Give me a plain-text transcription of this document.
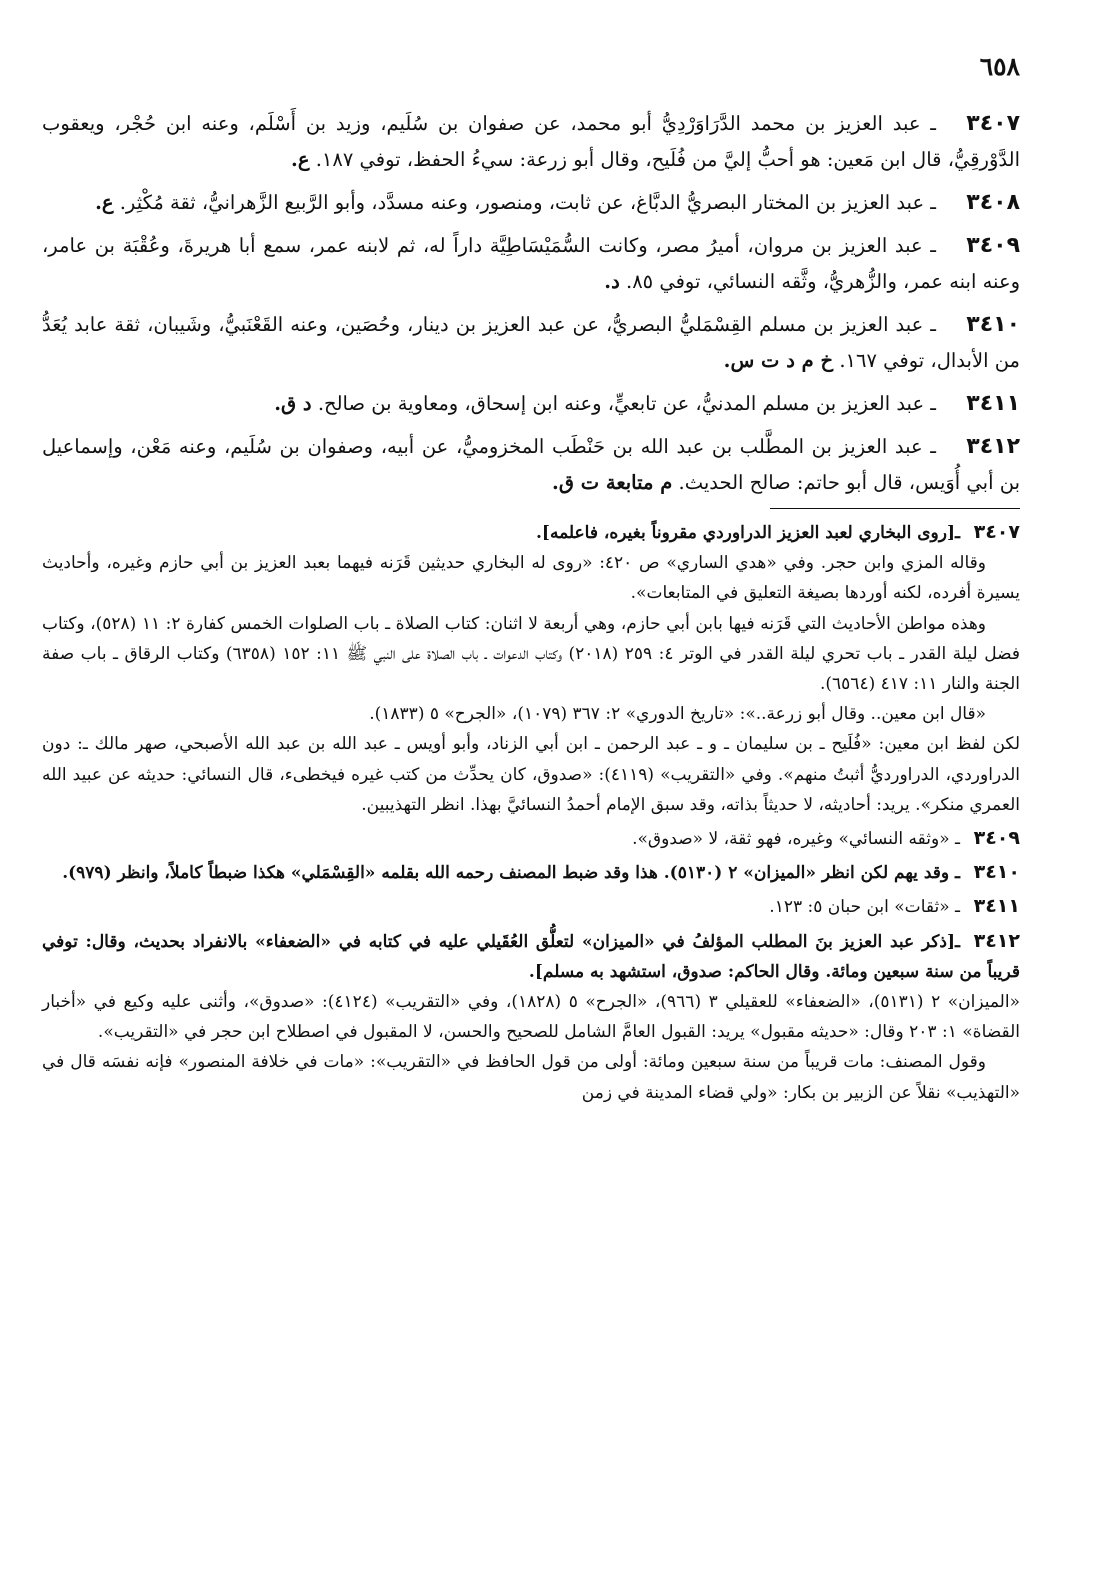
٦٥٨
٣٤٠٧ـ عبد العزيز بن محمد الدَّرَاوَرْدِيُّ أبو محمد، عن صفوان بن سُلَيم، وزيد بن أَسْلَم، وعنه ابن حُجْر، ويعقوب الدَّوْرقِيُّ، قال ابن مَعين: هو أحبُّ إليَّ من فُلَيح، وقال أبو زرعة: سيءُ الحفظ، توفي ١٨٧. ع.
٣٤٠٨ـ عبد العزيز بن المختار البصريُّ الدبَّاغ، عن ثابت، ومنصور، وعنه مسدَّد، وأبو الرَّبيع الزَّهرانيُّ، ثقة مُكْثِر. ع.
٣٤٠٩ـ عبد العزيز بن مروان، أميرُ مصر، وكانت السُّمَيْسَاطِيَّة داراً له، ثم لابنه عمر، سمع أبا هريرةَ، وعُقْبَة بن عامر، وعنه ابنه عمر، والزُّهريُّ، وثَّقه النسائي، توفي ٨٥. د.
٣٤١٠ـ عبد العزيز بن مسلم القِسْمَليُّ البصريُّ، عن عبد العزيز بن دينار، وحُصَين، وعنه القَعْنَبيُّ، وشَيبان، ثقة عابد يُعَدُّ من الأبدال، توفي ١٦٧. خ م د ت س.
٣٤١١ـ عبد العزيز بن مسلم المدنيُّ، عن تابعيٍّ، وعنه ابن إسحاق، ومعاوية بن صالح. د ق.
٣٤١٢ـ عبد العزيز بن المطَّلب بن عبد الله بن حَنْطَب المخزوميُّ، عن أبيه، وصفوان بن سُلَيم، وعنه مَعْن، وإسماعيل بن أبي أُوَيس، قال أبو حاتم: صالح الحديث. م متابعة ت ق.
٣٤٠٧ـ[روى البخاري لعبد العزيز الدراوردي مقروناً بغيره، فاعلمه].

وقاله المزي وابن حجر. وفي «هدي الساري» ص ٤٢٠: «روى له البخاري حديثين قَرَنه فيهما بعبد العزيز بن أبي حازم وغيره، وأحاديث يسيرة أفرده، لكنه أوردها بصيغة التعليق في المتابعات».

وهذه مواطن الأحاديث التي قَرَنه فيها بابن أبي حازم، وهي أربعة لا اثنان: كتاب الصلاة ـ باب الصلوات الخمس كفارة ٢: ١١ (٥٢٨)، وكتاب فضل ليلة القدر ـ باب تحري ليلة القدر في الوتر ٤: ٢٥٩ (٢٠١٨) وكتاب الدعوات ـ باب الصلاة على النبي ﷺ ١١: ١٥٢ (٦٣٥٨) وكتاب الرقاق ـ باب صفة الجنة والنار ١١: ٤١٧ (٦٥٦٤).

«قال ابن معين.. وقال أبو زرعة..»: «تاريخ الدوري» ٢: ٣٦٧ (١٠٧٩)، «الجرح» ٥ (١٨٣٣).

لكن لفظ ابن معين: «فُلَيح ـ بن سليمان ـ و ـ عبد الرحمن ـ ابن أبي الزناد، وأبو أويس ـ عبد الله بن عبد الله الأصبحي، صهر مالك ـ: دون الدراوردي، الدراورديُّ أثبتُ منهم». وفي «التقريب» (٤١١٩): «صدوق، كان يحدِّث من كتب غيره فيخطىء، قال النسائي: حديثه عن عبيد الله العمري منكر». يريد: أحاديثه، لا حديثاً بذاته، وقد سبق الإمام أحمدُ النسائيَّ بهذا. انظر التهذيبين.

٣٤٠٩ـ «وثقه النسائي» وغيره، فهو ثقة، لا «صدوق».
٣٤١٠ـ وقد يهم لكن انظر «الميزان» ٢ (٥١٣٠). هذا وقد ضبط المصنف رحمه الله بقلمه «القِسْمَلي» هكذا ضبطاً كاملاً، وانظر (٩٧٩).
٣٤١١ـ «ثقات» ابن حبان ٥: ١٢٣.
٣٤١٢ـ[ذكر عبد العزيز بنَ المطلب المؤلفُ في «الميزان» لتعلُّق العُقَيلي عليه في كتابه في «الضعفاء» بالانفراد بحديث، وقال: توفي قريباً من سنة سبعين ومائة. وقال الحاكم: صدوق، استشهد به مسلم].

«الميزان» ٢ (٥١٣١)، «الضعفاء» للعقيلي ٣ (٩٦٦)، «الجرح» ٥ (١٨٢٨)، وفي «التقريب» (٤١٢٤): «صدوق»، وأثنى عليه وكيع في «أخبار القضاة» ١: ٢٠٣ وقال: «حديثه مقبول» يريد: القبول العامَّ الشامل للصحيح والحسن، لا المقبول في اصطلاح ابن حجر في «التقريب».

وقول المصنف: مات قريباً من سنة سبعين ومائة: أولى من قول الحافظ في «التقريب»: «مات في خلافة المنصور» فإنه نفسَه قال في «التهذيب» نقلاً عن الزبير بن بكار: «ولي قضاء المدينة في زمن
